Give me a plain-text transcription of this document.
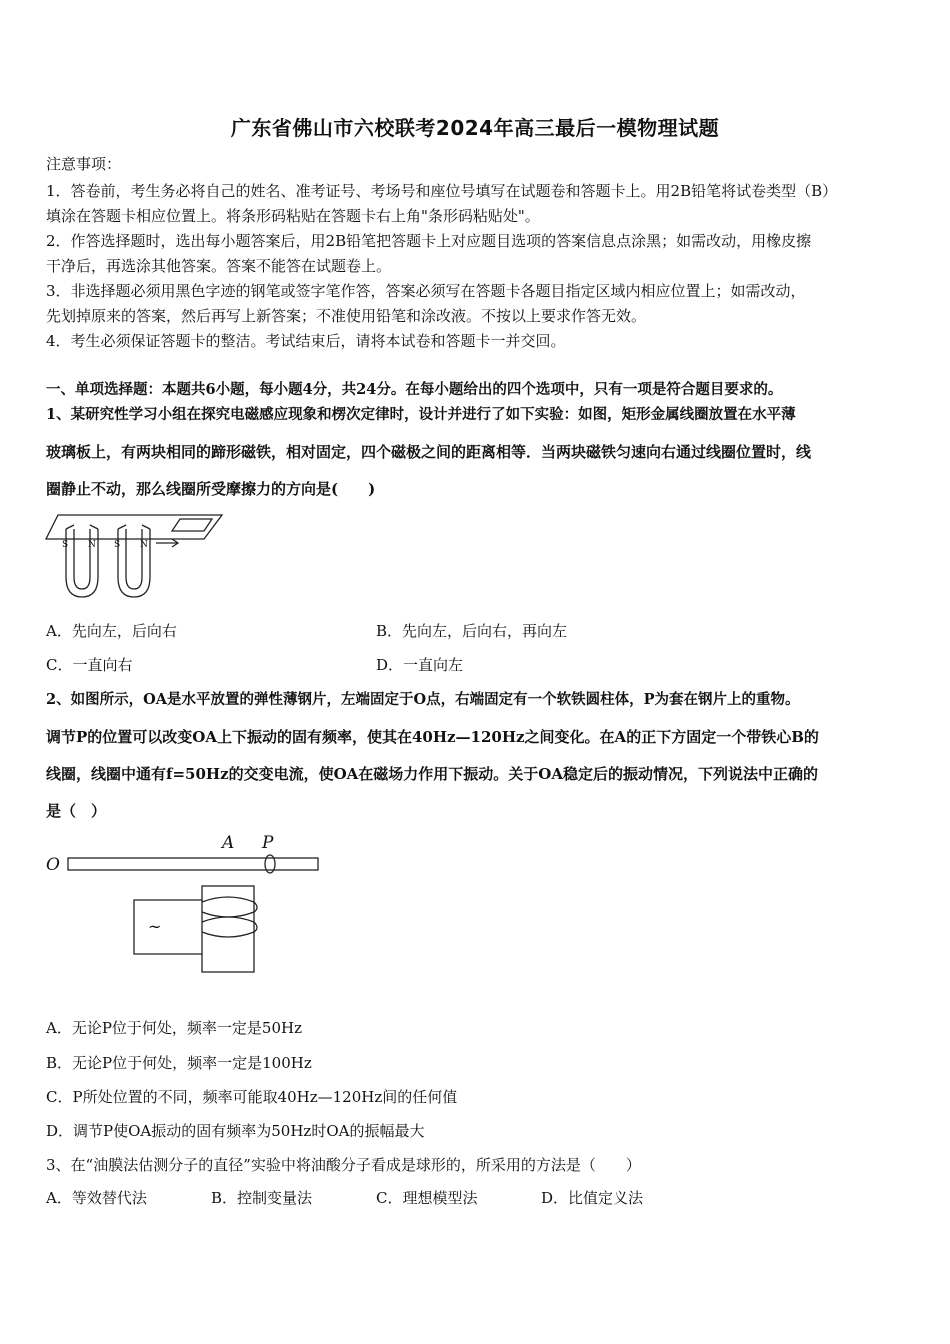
广东省佛山市六校联考2024年高三最后一模物理试题
注意事项：
1．答卷前，考生务必将自己的姓名、准考证号、考场号和座位号填写在试题卷和答题卡上。用2B铅笔将试卷类型（B）
填涂在答题卡相应位置上。将条形码粘贴在答题卡右上角"条形码粘贴处"。
2．作答选择题时，选出每小题答案后，用2B铅笔把答题卡上对应题目选项的答案信息点涂黑；如需改动，用橡皮擦
干净后，再选涂其他答案。答案不能答在试题卷上。
3．非选择题必须用黑色字迹的钢笔或签字笔作答，答案必须写在答题卡各题目指定区域内相应位置上；如需改动，
先划掉原来的答案，然后再写上新答案；不准使用铅笔和涂改液。不按以上要求作答无效。
4．考生必须保证答题卡的整洁。考试结束后，请将本试卷和答题卡一并交回。
一、单项选择题：本题共6小题，每小题4分，共24分。在每小题给出的四个选项中，只有一项是符合题目要求的。
1、某研究性学习小组在探究电磁感应现象和楞次定律时，设计并进行了如下实验：如图，矩形金属线圈放置在水平薄
玻璃板上，有两块相同的蹄形磁铁，相对固定，四个磁极之间的距离相等．当两块磁铁匀速向右通过线圈位置时，线
圈静止不动，那么线圈所受摩擦力的方向是(　　)
S N S N
A．先向左，后向右	B．先向左，后向右，再向左
C．一直向右	D．一直向左
2、如图所示，OA是水平放置的弹性薄钢片，左端固定于O点，右端固定有一个软铁圆柱体，P为套在钢片上的重物。
调节P的位置可以改变OA上下振动的固有频率，使其在40Hz—120Hz之间变化。在A的正下方固定一个带铁心B的
线圈，线圈中通有f=50Hz的交变电流，使OA在磁场力作用下振动。关于OA稳定后的振动情况，下列说法中正确的
是（　）
O
A P
~
A．无论P位于何处，频率一定是50Hz
B．无论P位于何处，频率一定是100Hz
C．P所处位置的不同，频率可能取40Hz—120Hz间的任何值
D．调节P使OA振动的固有频率为50Hz时OA的振幅最大
3、在“油膜法估测分子的直径”实验中将油酸分子看成是球形的，所采用的方法是（　　）
A．等效替代法	B．控制变量法	C．理想模型法	D．比值定义法
